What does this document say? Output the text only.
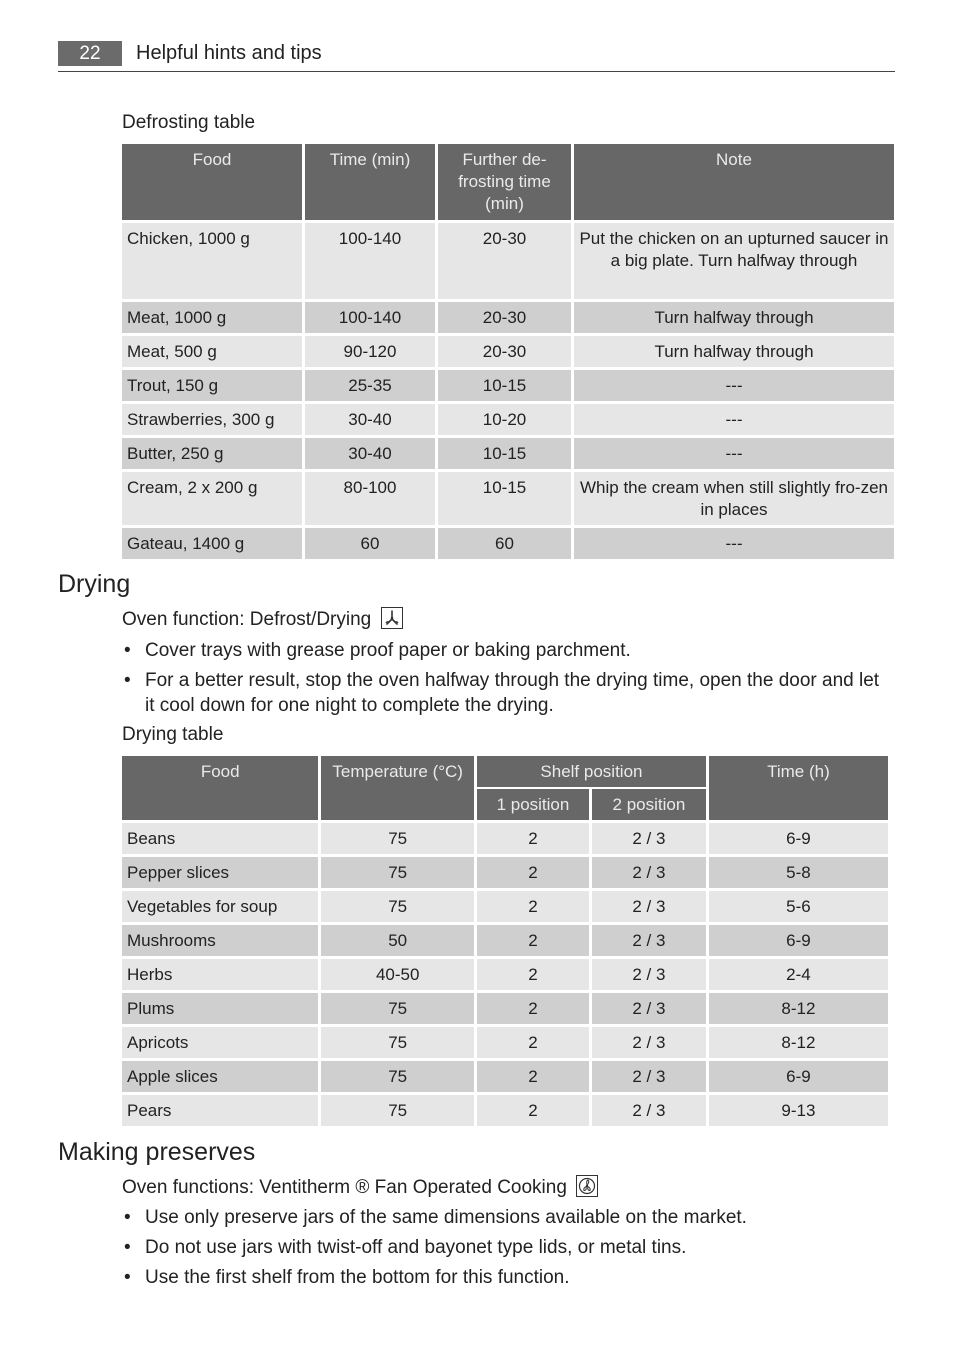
22	Helpful hints and tips
Defrosting table
Food	Time (min)	Further de-frosting time (min)	Note
Chicken, 1000 g	100-140	20-30	Put the chicken on an upturned saucer in a big plate. Turn halfway through
Meat, 1000 g	100-140	20-30	Turn halfway through
Meat, 500 g	90-120	20-30	Turn halfway through
Trout, 150 g	25-35	10-15	---
Strawberries, 300 g	30-40	10-20	---
Butter, 250 g	30-40	10-15	---
Cream, 2 x 200 g	80-100	10-15	Whip the cream when still slightly fro-zen in places
Gateau, 1400 g	60	60	---
Drying
Oven function: Defrost/Drying
• Cover trays with grease proof paper or baking parchment.
• For a better result, stop the oven halfway through the drying time, open the door and let it cool down for one night to complete the drying.
Drying table
Food	Temperature (°C)	Shelf position		Time (h)
		1 position	2 position	
Beans	75	2	2 / 3	6-9
Pepper slices	75	2	2 / 3	5-8
Vegetables for soup	75	2	2 / 3	5-6
Mushrooms	50	2	2 / 3	6-9
Herbs	40-50	2	2 / 3	2-4
Plums	75	2	2 / 3	8-12
Apricots	75	2	2 / 3	8-12
Apple slices	75	2	2 / 3	6-9
Pears	75	2	2 / 3	9-13
Making preserves
Oven functions: Ventitherm ® Fan Operated Cooking
• Use only preserve jars of the same dimensions available on the market.
• Do not use jars with twist-off and bayonet type lids, or metal tins.
• Use the first shelf from the bottom for this function.
